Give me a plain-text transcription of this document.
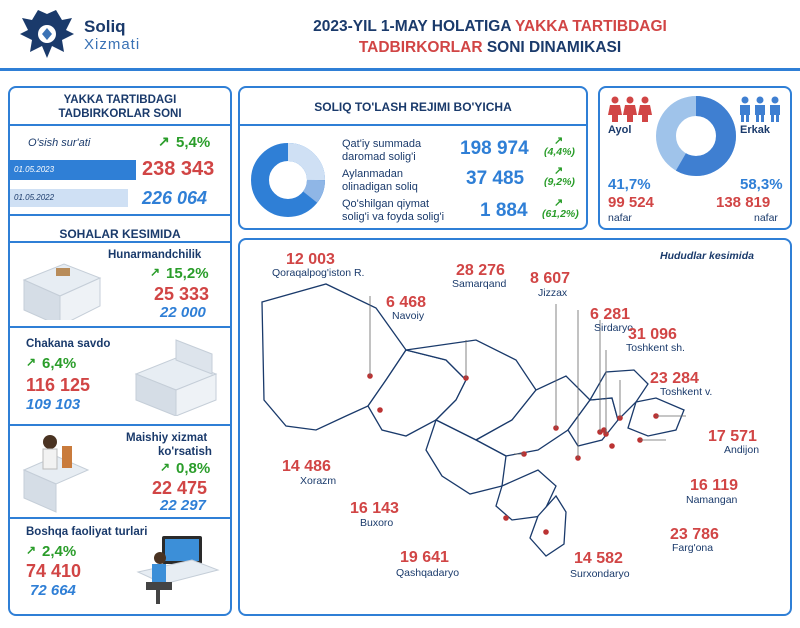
Soliq
Xizmati
2023-YIL 1-MAY HOLATIGA YAKKA TARTIBDAGI
TADBIRKORLAR SONI DINAMIKASI
YAKKA TARTIBDAGI
TADBIRKORLAR SONI
O'sish sur'ati	↗ 5,4%
01.05.2023	238 343
01.05.2022	226 064
SOHALAR KESIMIDA
Hunarmandchilik
↗ 15,2%
25 333
22 000
Chakana savdo
↗ 6,4%
116 125
109 103
Maishiy xizmat
ko'rsatish
↗ 0,8%
22 475
22 297
Boshqa faoliyat turlari
↗ 2,4%
74 410
72 664
SOLIQ TO'LASH REJIMI BO'YICHA
Qat'iy summada
daromad solig'i 198 974 ↗
(4,4%)
Aylanmadan
olinadigan soliq	37 485	↗
(9,2%)
Qo'shilgan qiymat
solig'i va foyda solig'i 1 884 ↗
(61,2%)
Ayol	Erkak
41,7%	58,3%
99 524	138 819
nafar	nafar
Hududlar kesimida
12 003
Qoraqalpog'iston R.
6 468
Navoiy
28 276
Samarqand 8 607
Jizzax
6 281
Sirdaryo
31 096
Toshkent sh.
23 284
Toshkent v.
17 571
Andijon
14 486
Xorazm	16 119
Namangan
16 143
Buxoro
23 786
Farg'ona
19 641
Qashqadaryo
14 582
Surxondaryo
